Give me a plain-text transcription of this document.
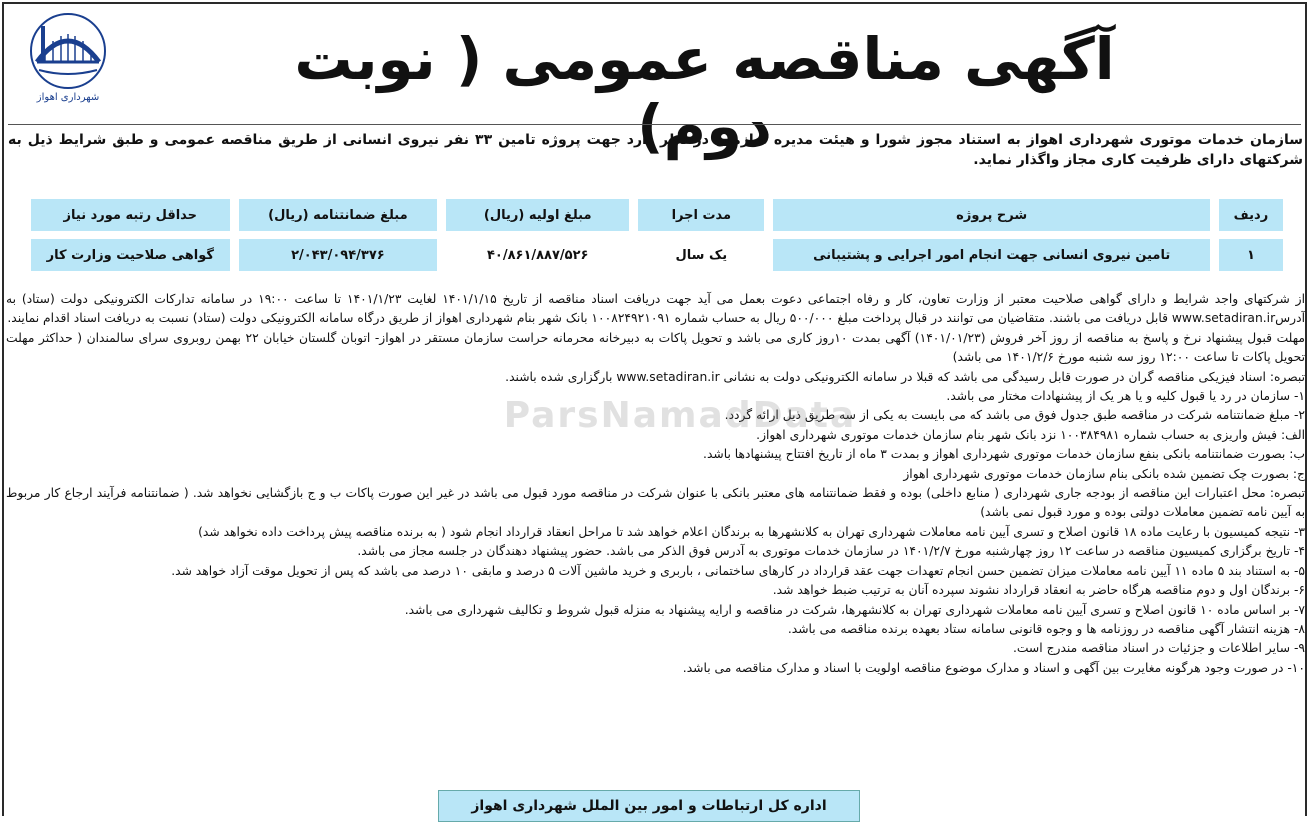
شهرداری اهواز
آگهی مناقصه عمومی ( نوبت دوم)
سازمان خدمات موتوری شهرداری اهواز به استناد مجوز شورا و هیئت مدیره سازمان در نظر دارد جهت پروژه تامین ۳۳ نفر نیروی انسانی از طریق مناقصه عمومی و طبق شرایط ذیل به شرکتهای دارای ظرفیت کاری مجاز واگذار نماید.
ردیف	شرح پروژه	مدت اجرا	مبلغ اولیه (ریال)	مبلغ ضمانتنامه (ریال)	حداقل رتبه مورد نیاز
۱	تامین نیروی انسانی جهت انجام امور اجرایی و پشتیبانی	یک سال	۴۰/۸۶۱/۸۸۷/۵۲۶	۲/۰۴۳/۰۹۴/۳۷۶	گواهی صلاحیت وزارت کار

از شرکتهای واجد شرایط و دارای گواهی صلاحیت معتبر از وزارت تعاون، کار و رفاه اجتماعی دعوت بعمل می آید جهت دریافت اسناد مناقصه از تاریخ ۱۴۰۱/۱/۱۵ لغایت ۱۴۰۱/۱/۲۳ تا ساعت ۱۹:۰۰ در سامانه تدارکات الکترونیکی دولت (ستاد) به آدرسwww.setadiran.ir قابل دریافت می باشند. متقاضیان می توانند در قبال پرداخت مبلغ ۵۰۰/۰۰۰ ریال به حساب شماره ۱۰۰۸۲۴۹۲۱۰۹۱ بانک شهر بنام شهرداری اهواز از طریق درگاه سامانه الکترونیکی دولت (ستاد) نسبت به دریافت اسناد اقدام نمایند.

مهلت قبول پیشنهاد نرخ و پاسخ به مناقصه از روز آخر فروش (۱۴۰۱/۰۱/۲۳) آگهی بمدت ۱۰روز کاری می باشد و تحویل پاکات به دبیرخانه محرمانه حراست سازمان مستقر در اهواز- اتوبان گلستان خیابان ۲۲ بهمن روبروی سرای سالمندان ( حداکثر مهلت تحویل پاکات تا ساعت ۱۲:۰۰ روز سه شنبه مورخ ۱۴۰۱/۲/۶ می باشد)

تبصره: اسناد فیزیکی مناقصه گران در صورت قابل رسیدگی می باشد که قبلا در سامانه الکترونیکی دولت به نشانی www.setadiran.ir بارگزاری شده باشند.

۱- سازمان در رد یا قبول کلیه و یا هر یک از پیشنهادات مختار می باشد.

۲- مبلغ ضمانتنامه شرکت در مناقصه طبق جدول فوق می باشد که می بایست به یکی از سه طریق ذیل ارائه گردد.

الف: فیش واریزی به حساب شماره ۱۰۰۳۸۴۹۸۱ نزد بانک شهر بنام سازمان خدمات موتوری شهرداری اهواز.

ب: بصورت ضمانتنامه بانکی بنفع سازمان خدمات موتوری شهرداری اهواز و بمدت ۳ ماه از تاریخ افتتاح پیشنهادها باشد.

ج: بصورت چک تضمین شده بانکی بنام سازمان خدمات موتوری شهرداری اهواز

تبصره: محل اعتبارات این مناقصه از بودجه جاری شهرداری ( منابع داخلی) بوده و فقط ضمانتنامه های معتبر بانکی با عنوان شرکت در مناقصه مورد قبول می باشد در غیر این صورت پاکات ب و ج بازگشایی نخواهد شد. ( ضمانتنامه فرآیند ارجاع کار مربوط به آیین نامه تضمین معاملات دولتی بوده و مورد قبول نمی باشد)

۳- نتیجه کمیسیون با رعایت ماده ۱۸ قانون اصلاح و تسری آیین نامه معاملات شهرداری تهران به کلانشهرها به برندگان اعلام خواهد شد تا مراحل انعقاد قرارداد انجام شود ( به برنده مناقصه پیش پرداخت داده نخواهد شد)

۴- تاریخ برگزاری کمیسیون مناقصه در ساعت ۱۲ روز چهارشنبه مورخ ۱۴۰۱/۲/۷ در سازمان خدمات موتوری به آدرس فوق الذکر می باشد. حضور پیشنهاد دهندگان در جلسه مجاز می باشد.

۵- به استناد بند ۵ ماده ۱۱ آیین نامه معاملات میزان تضمین حسن انجام تعهدات جهت عقد قرارداد در کارهای ساختمانی ، باربری و خرید ماشین آلات ۵ درصد و مابقی ۱۰ درصد می باشد که پس از تحویل موقت آزاد خواهد شد.

۶- برندگان اول و دوم مناقصه هرگاه حاضر به انعقاد قرارداد نشوند سپرده آنان به ترتیب ضبط خواهد شد.

۷- بر اساس ماده ۱۰ قانون اصلاح و تسری آیین نامه معاملات شهرداری تهران به کلانشهرها، شرکت در مناقصه و ارایه پیشنهاد به منزله قبول شروط و تکالیف شهرداری می باشد.

۸- هزینه انتشار آگهی مناقصه در روزنامه ها و وجوه قانونی سامانه ستاد بعهده برنده مناقصه می باشد.

۹- سایر اطلاعات و جزئیات در اسناد مناقصه مندرج است.

۱۰- در صورت وجود هرگونه مغایرت بین آگهی و اسناد و مدارک موضوع مناقصه اولویت با اسناد و مدارک مناقصه می باشد.

ParsNamadData
اداره کل ارتباطات و امور بین الملل شهرداری اهواز
